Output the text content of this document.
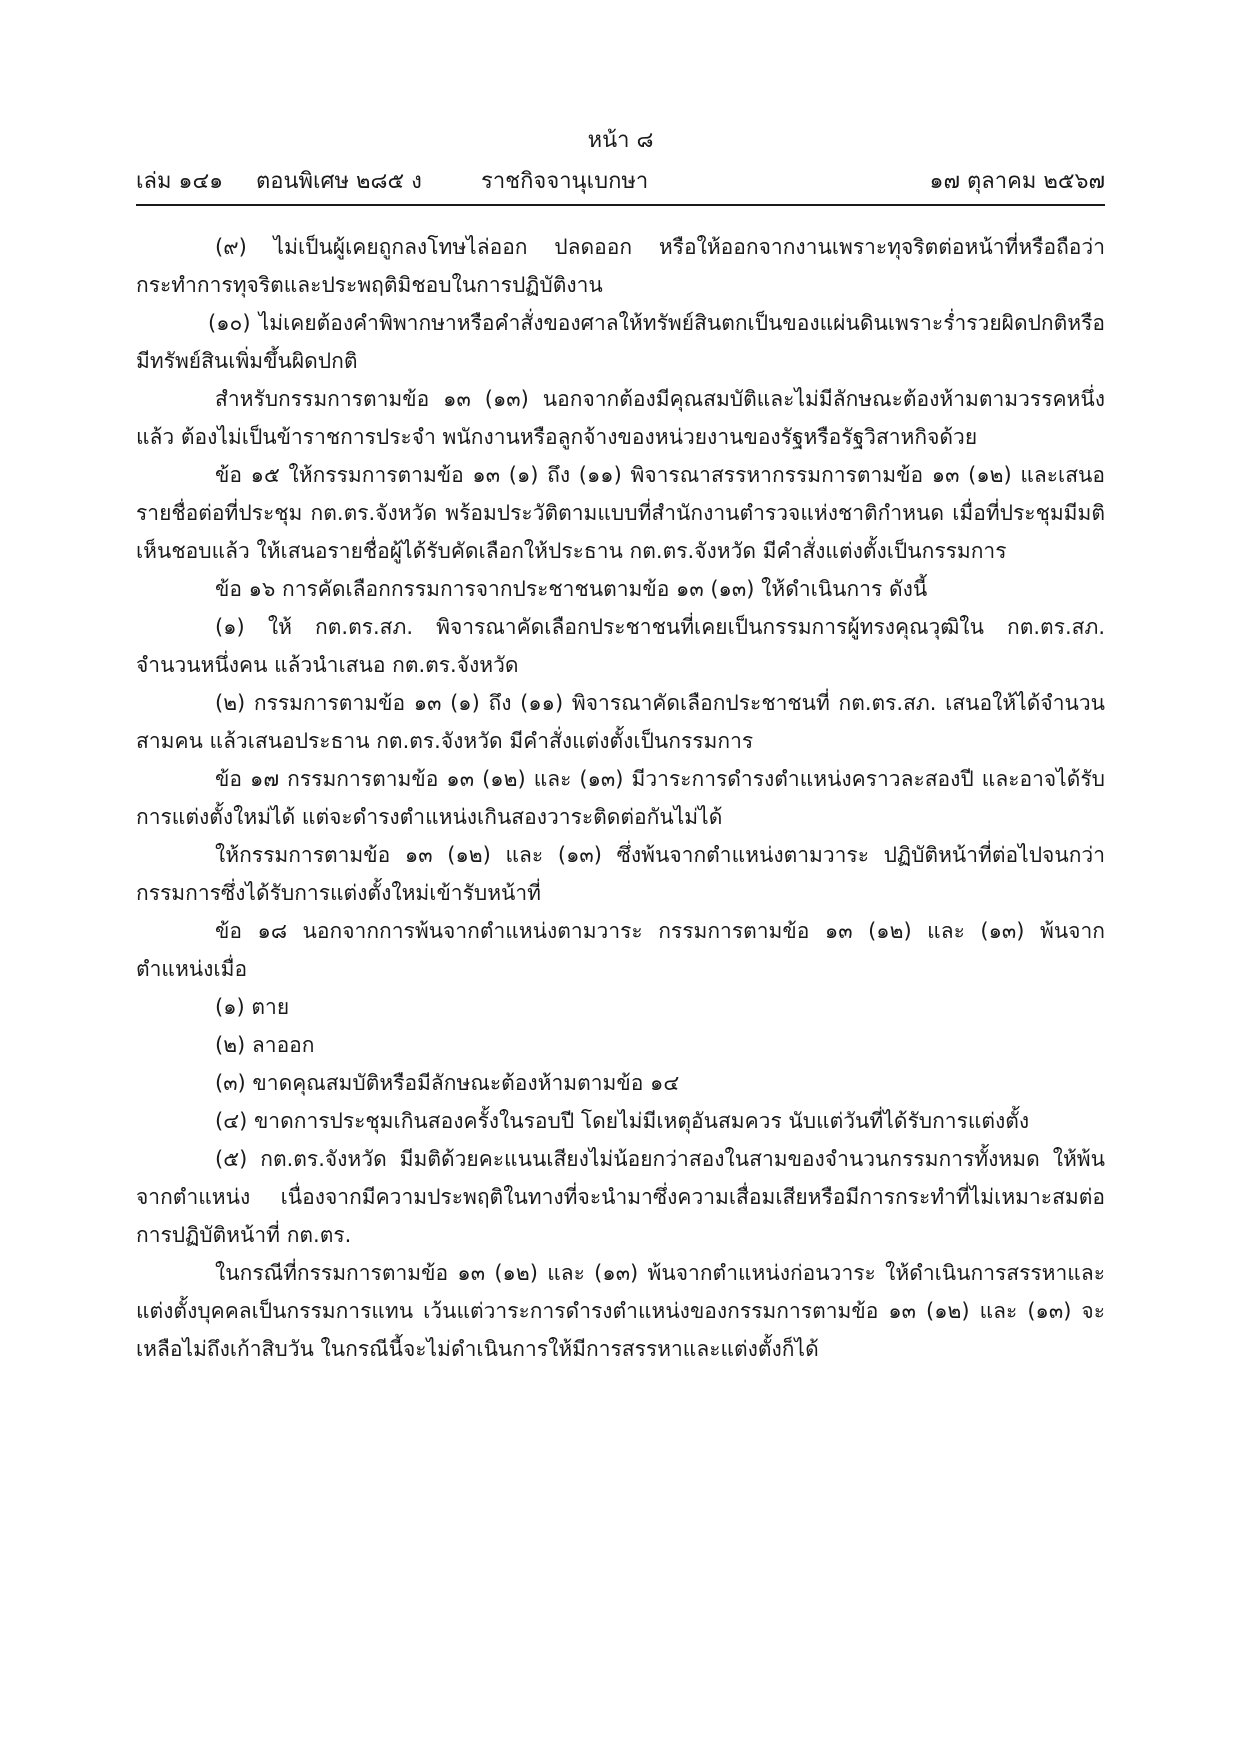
หน้า ๘
เล่ม ๑๔๑ ตอนพิเศษ ๒๘๕ ง	ราชกิจจานุเบกษา	๑๗ ตุลาคม ๒๕๖๗

(๙) ไม่เป็นผู้เคยถูกลงโทษไล่ออก ปลดออก หรือให้ออกจากงานเพราะทุจริตต่อหน้าที่หรือถือว่ากระทำการทุจริตและประพฤติมิชอบในการปฏิบัติงาน

(๑๐) ไม่เคยต้องคำพิพากษาหรือคำสั่งของศาลให้ทรัพย์สินตกเป็นของแผ่นดินเพราะร่ำรวยผิดปกติหรือมีทรัพย์สินเพิ่มขึ้นผิดปกติ

สำหรับกรรมการตามข้อ ๑๓ (๑๓) นอกจากต้องมีคุณสมบัติและไม่มีลักษณะต้องห้ามตามวรรคหนึ่งแล้ว ต้องไม่เป็นข้าราชการประจำ พนักงานหรือลูกจ้างของหน่วยงานของรัฐหรือรัฐวิสาหกิจด้วย

ข้อ ๑๕ ให้กรรมการตามข้อ ๑๓ (๑) ถึง (๑๑) พิจารณาสรรหากรรมการตามข้อ ๑๓ (๑๒) และเสนอรายชื่อต่อที่ประชุม กต.ตร.จังหวัด พร้อมประวัติตามแบบที่สำนักงานตำรวจแห่งชาติกำหนด เมื่อที่ประชุมมีมติเห็นชอบแล้ว ให้เสนอรายชื่อผู้ได้รับคัดเลือกให้ประธาน กต.ตร.จังหวัด มีคำสั่งแต่งตั้งเป็นกรรมการ

ข้อ ๑๖ การคัดเลือกกรรมการจากประชาชนตามข้อ ๑๓ (๑๓) ให้ดำเนินการ ดังนี้

(๑) ให้ กต.ตร.สภ. พิจารณาคัดเลือกประชาชนที่เคยเป็นกรรมการผู้ทรงคุณวุฒิใน กต.ตร.สภ. จำนวนหนึ่งคน แล้วนำเสนอ กต.ตร.จังหวัด

(๒) กรรมการตามข้อ ๑๓ (๑) ถึง (๑๑) พิจารณาคัดเลือกประชาชนที่ กต.ตร.สภ. เสนอให้ได้จำนวนสามคน แล้วเสนอประธาน กต.ตร.จังหวัด มีคำสั่งแต่งตั้งเป็นกรรมการ

ข้อ ๑๗ กรรมการตามข้อ ๑๓ (๑๒) และ (๑๓) มีวาระการดำรงตำแหน่งคราวละสองปี และอาจได้รับการแต่งตั้งใหม่ได้ แต่จะดำรงตำแหน่งเกินสองวาระติดต่อกันไม่ได้

ให้กรรมการตามข้อ ๑๓ (๑๒) และ (๑๓) ซึ่งพ้นจากตำแหน่งตามวาระ ปฏิบัติหน้าที่ต่อไปจนกว่ากรรมการซึ่งได้รับการแต่งตั้งใหม่เข้ารับหน้าที่

ข้อ ๑๘ นอกจากการพ้นจากตำแหน่งตามวาระ กรรมการตามข้อ ๑๓ (๑๒) และ (๑๓) พ้นจากตำแหน่งเมื่อ

(๑) ตาย

(๒) ลาออก

(๓) ขาดคุณสมบัติหรือมีลักษณะต้องห้ามตามข้อ ๑๔

(๔) ขาดการประชุมเกินสองครั้งในรอบปี โดยไม่มีเหตุอันสมควร นับแต่วันที่ได้รับการแต่งตั้ง

(๕) กต.ตร.จังหวัด มีมติด้วยคะแนนเสียงไม่น้อยกว่าสองในสามของจำนวนกรรมการทั้งหมด ให้พ้นจากตำแหน่ง เนื่องจากมีความประพฤติในทางที่จะนำมาซึ่งความเสื่อมเสียหรือมีการกระทำที่ไม่เหมาะสมต่อการปฏิบัติหน้าที่ กต.ตร.

ในกรณีที่กรรมการตามข้อ ๑๓ (๑๒) และ (๑๓) พ้นจากตำแหน่งก่อนวาระ ให้ดำเนินการสรรหาและแต่งตั้งบุคคลเป็นกรรมการแทน เว้นแต่วาระการดำรงตำแหน่งของกรรมการตามข้อ ๑๓ (๑๒) และ (๑๓) จะเหลือไม่ถึงเก้าสิบวัน ในกรณีนี้จะไม่ดำเนินการให้มีการสรรหาและแต่งตั้งก็ได้
